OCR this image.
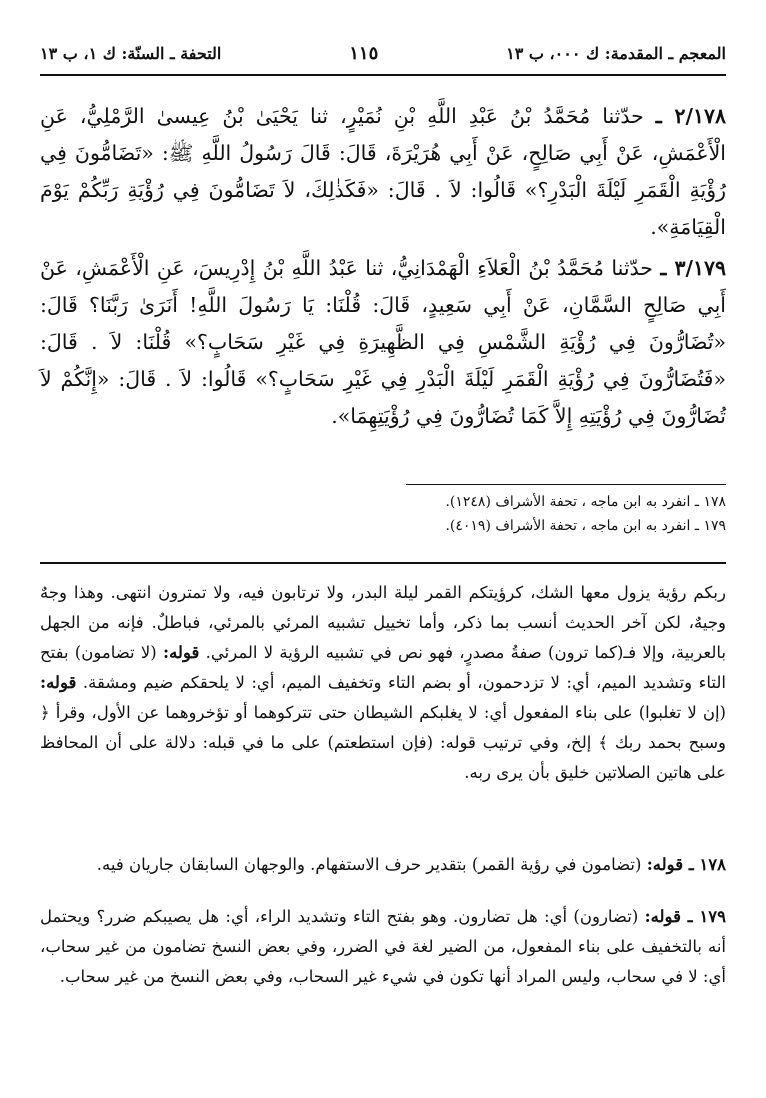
المعجم ـ المقدمة: ك ٠٠٠، ب ١٣
١١٥
التحفة ـ السنّة: ك ١، ب ١٣
٢/١٧٨ ـ حدّثنا مُحَمَّدُ بْنُ عَبْدِ اللَّهِ بْنِ نُمَيْرٍ، ثنا يَحْيَىٰ بْنُ عِيسىٰ الرَّمْلِيُّ، عَنِ الْأَعْمَشِ، عَنْ أَبِي صَالِحٍ، عَنْ أَبِي هُرَيْرَةَ، قَالَ: قَالَ رَسُولُ اللَّهِ ﷺ: «تَضَامُّونَ فِي رُؤْيَةِ الْقَمَرِ لَيْلَةَ الْبَدْرِ؟» قَالُوا: لاَ . قَالَ: «فَكَذٰلِكَ، لاَ تَضَامُّونَ فِي رُؤْيَةِ رَبِّكُمْ يَوْمَ الْقِيَامَةِ».
٣/١٧٩ ـ حدّثنا مُحَمَّدُ بْنُ الْعَلاَءِ الْهَمْدَانِيُّ، ثنا عَبْدُ اللَّهِ بْنُ إِدْرِيسَ، عَنِ الْأَعْمَشِ، عَنْ أَبِي صَالِحٍ السَّمَّانِ، عَنْ أَبِي سَعِيدٍ، قَالَ: قُلْنَا: يَا رَسُولَ اللَّهِ! أَنَرَىٰ رَبَّنَا؟ قَالَ: «تُضَارُّونَ فِي رُؤْيَةِ الشَّمْسِ فِي الظَّهِيرَةِ فِي غَيْرِ سَحَابٍ؟» قُلْنَا: لاَ . قَالَ: «فَتُضَارُّونَ فِي رُؤْيَةِ الْقَمَرِ لَيْلَةَ الْبَدْرِ فِي غَيْرِ سَحَابٍ؟» قَالُوا: لاَ . قَالَ: «إِنَّكُمْ لاَ تُضَارُّونَ فِي رُؤْيَتِهِ إِلاَّ كَمَا تُضَارُّونَ فِي رُؤْيَتِهِمَا».

١٧٨ ـ انفرد به ابن ماجه ، تحفة الأشراف (١٢٤٨).

١٧٩ ـ انفرد به ابن ماجه ، تحفة الأشراف (٤٠١٩).

ربكم رؤية يزول معها الشك، كرؤيتكم القمر ليلة البدر، ولا ترتابون فيه، ولا تمترون انتهى. وهذا وجهٌ وجيهٌ، لكن آخر الحديث أنسب بما ذكر، وأما تخييل تشبيه المرئي بالمرئي، فباطلٌ. فإنه من الجهل بالعربية، وإلا فـ(كما ترون) صفةُ مصدرٍ، فهو نص في تشبيه الرؤية لا المرئي. قوله: (لا تضامون) بفتح التاء وتشديد الميم، أي: لا تزدحمون، أو بضم التاء وتخفيف الميم، أي: لا يلحقكم ضيم ومشقة. قوله: (إن لا تغلبوا) على بناء المفعول أي: لا يغلبكم الشيطان حتى تتركوهما أو تؤخروهما عن الأول، وقرأ ﴿ وسبح بحمد ربك ﴾ إلخ، وفي ترتيب قوله: (فإن استطعتم) على ما في قبله: دلالة على أن المحافظ على هاتين الصلاتين خليق بأن يرى ربه.

١٧٨ ـ قوله: (تضامون في رؤية القمر) بتقدير حرف الاستفهام. والوجهان السابقان جاريان فيه.

١٧٩ ـ قوله: (تضارون) أي: هل تضارون. وهو بفتح التاء وتشديد الراء، أي: هل يصيبكم ضرر؟ ويحتمل أنه بالتخفيف على بناء المفعول، من الضير لغة في الضرر، وفي بعض النسخ تضامون من غير سحاب، أي: لا في سحاب، وليس المراد أنها تكون في شيء غير السحاب، وفي بعض النسخ من غير سحاب.
